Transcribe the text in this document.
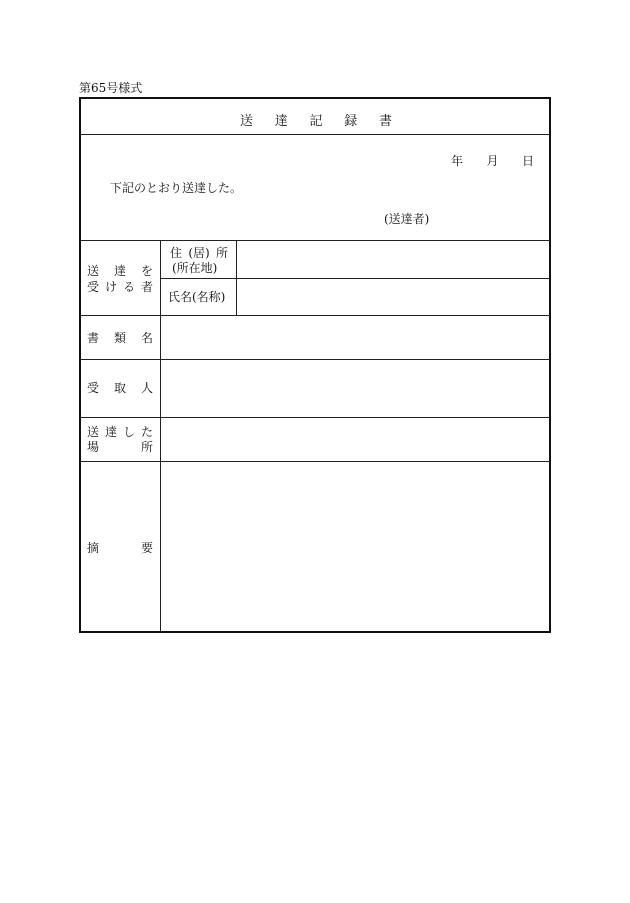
第65号様式
送 達 記 録 書
年 月 日
下記のとおり送達した。
(送達者)
送 達 を
受 け る 者
住 (居) 所
(所在地)
氏名(名称)
書 類 名
受 取 人
送 達 し た
場	所
摘	要
